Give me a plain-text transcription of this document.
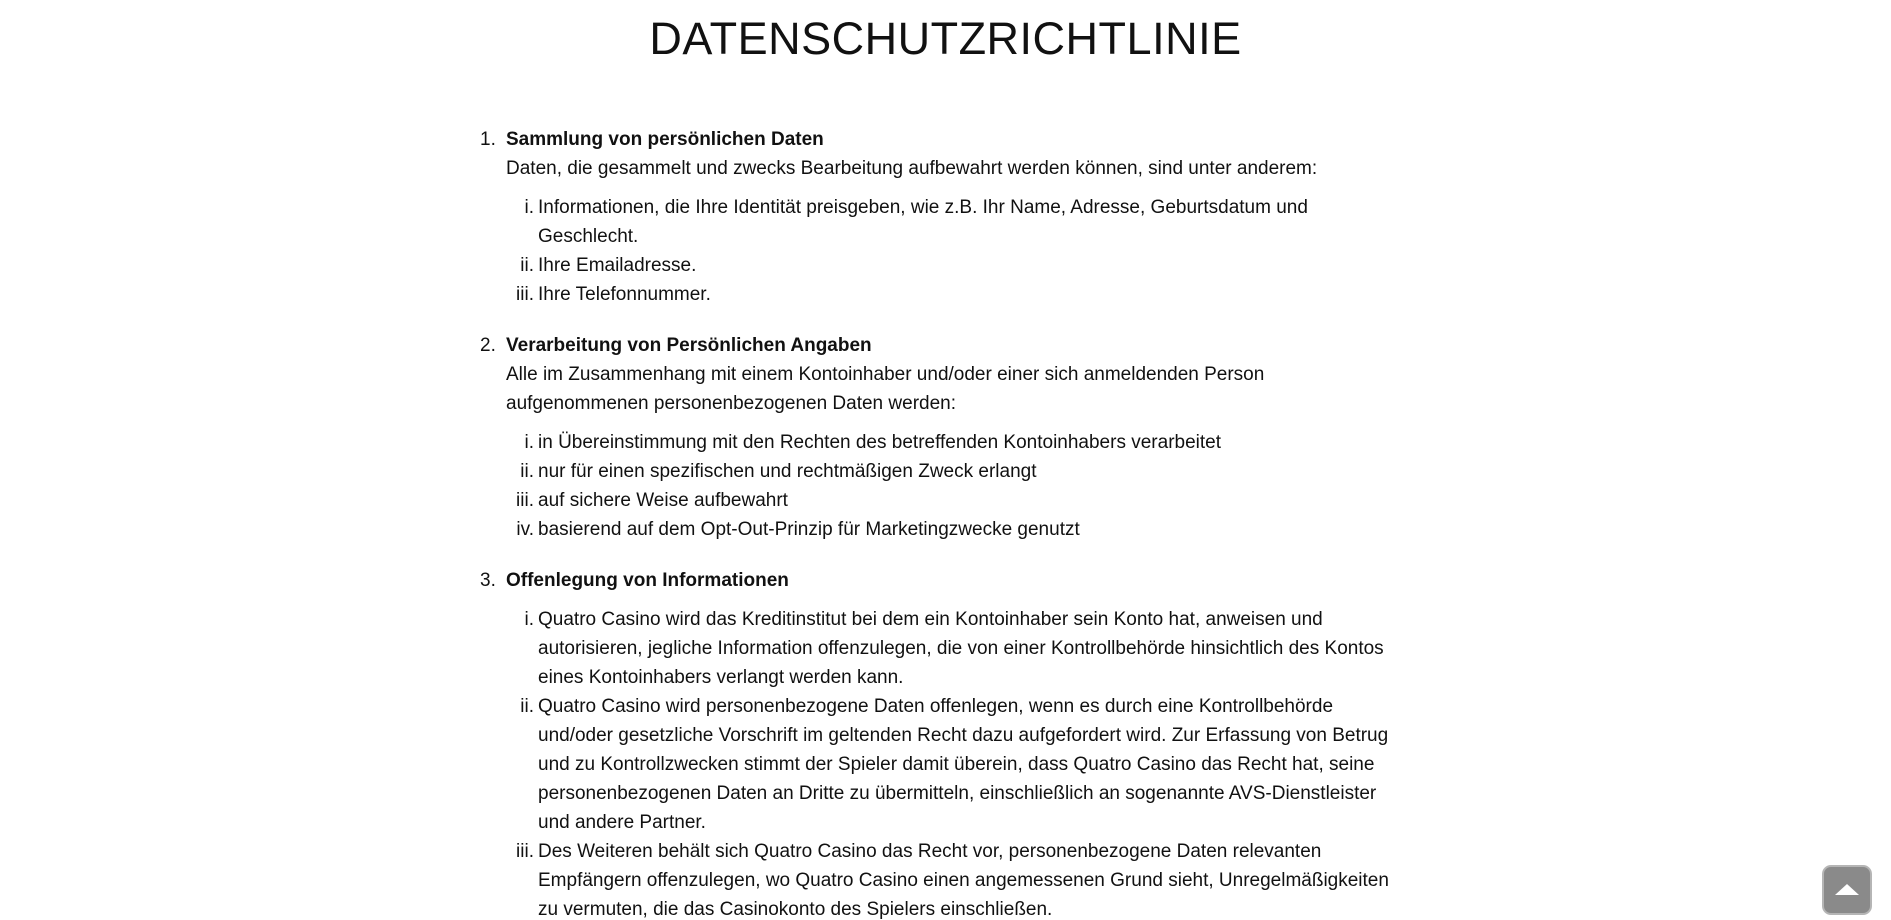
DATENSCHUTZRICHTLINIE
1. Sammlung von persönlichen Daten
Daten, die gesammelt und zwecks Bearbeitung aufbewahrt werden können, sind unter anderem:
i. Informationen, die Ihre Identität preisgeben, wie z.B. Ihr Name, Adresse, Geburtsdatum und Geschlecht.
ii. Ihre Emailadresse.
iii. Ihre Telefonnummer.
2. Verarbeitung von Persönlichen Angaben
Alle im Zusammenhang mit einem Kontoinhaber und/oder einer sich anmeldenden Person aufgenommenen personenbezogenen Daten werden:
i. in Übereinstimmung mit den Rechten des betreffenden Kontoinhabers verarbeitet
ii. nur für einen spezifischen und rechtmäßigen Zweck erlangt
iii. auf sichere Weise aufbewahrt
iv. basierend auf dem Opt-Out-Prinzip für Marketingzwecke genutzt
3. Offenlegung von Informationen
i. Quatro Casino wird das Kreditinstitut bei dem ein Kontoinhaber sein Konto hat, anweisen und autorisieren, jegliche Information offenzulegen, die von einer Kontrollbehörde hinsichtlich des Kontos eines Kontoinhabers verlangt werden kann.
ii. Quatro Casino wird personenbezogene Daten offenlegen, wenn es durch eine Kontrollbehörde und/oder gesetzliche Vorschrift im geltenden Recht dazu aufgefordert wird. Zur Erfassung von Betrug und zu Kontrollzwecken stimmt der Spieler damit überein, dass Quatro Casino das Recht hat, seine personenbezogenen Daten an Dritte zu übermitteln, einschließlich an sogenannte AVS-Dienstleister und andere Partner.
iii. Des Weiteren behält sich Quatro Casino das Recht vor, personenbezogene Daten relevanten Empfängern offenzulegen, wo Quatro Casino einen angemessenen Grund sieht, Unregelmäßigkeiten zu vermuten, die das Casinokonto des Spielers einschließen.
